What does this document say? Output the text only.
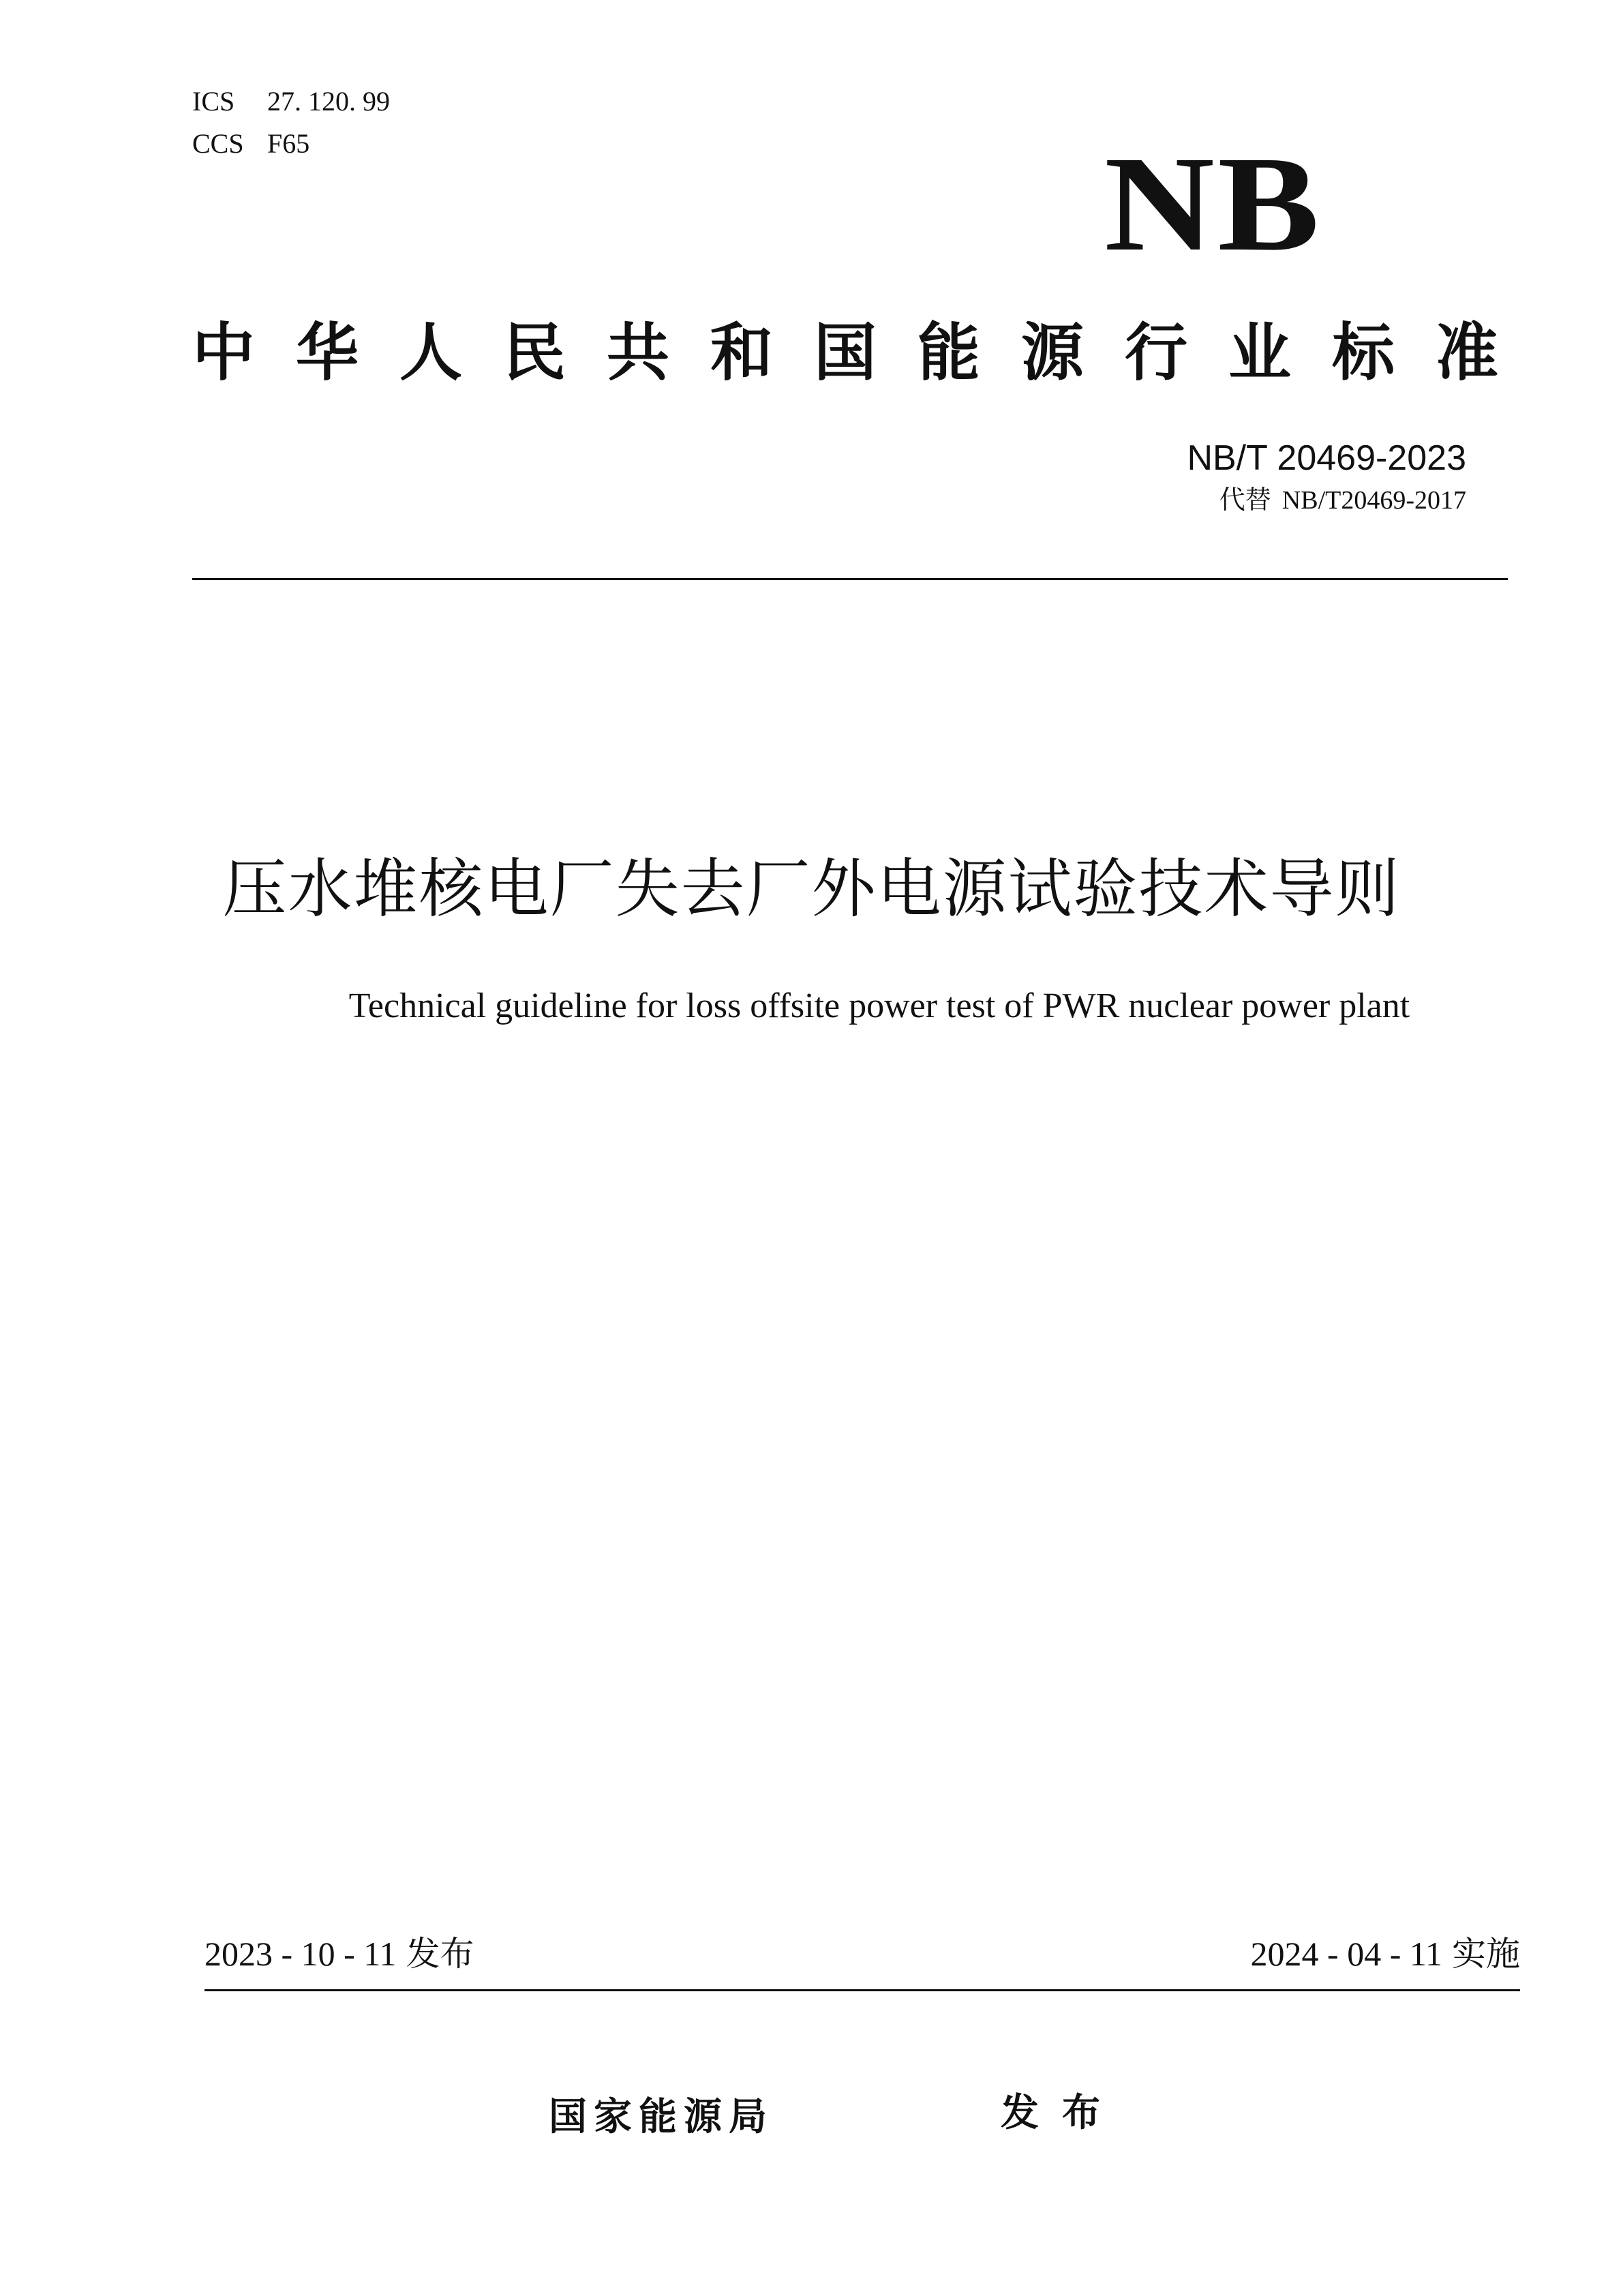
ICS 27. 120. 99
CCS F65	NB
中华人民共和国能源行业标准
NB/T 20469-2023
代替 NB/T20469-2017
压水堆核电厂失去厂外电源试验技术导则
Technical guideline for loss offsite power test of PWR nuclear power plant
2023 - 10 - 11 发布	2024 - 04 - 11 实施
国家能源局	发布
